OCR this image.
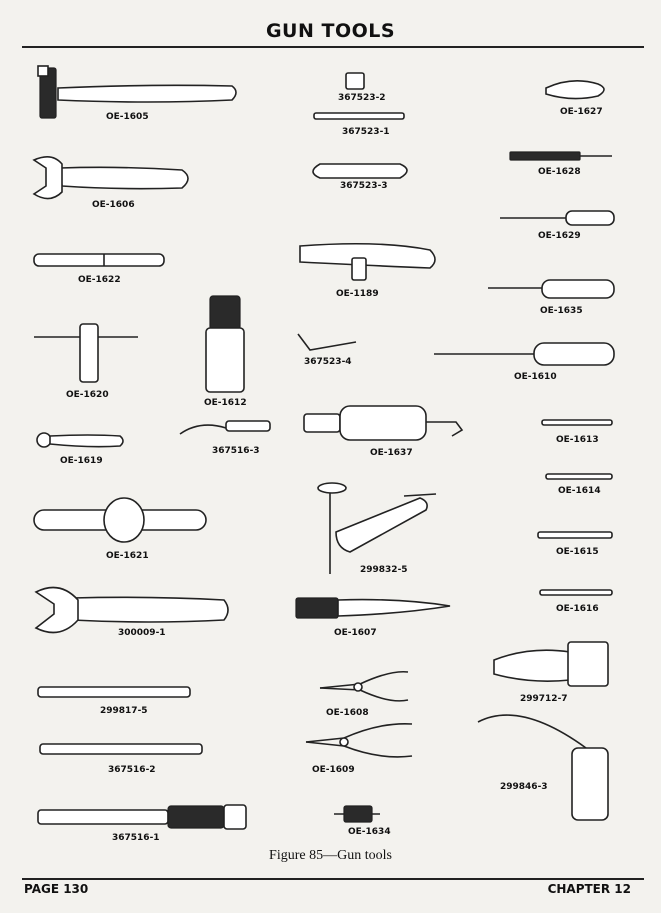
GUN TOOLS
OE-1605
OE-1606
OE-1622
OE-1620
OE-1612
OE-1619
367516-3
OE-1621
300009-1
299817-5
367516-2
367516-1
367523-2
367523-1
367523-3
OE-1189
367523-4
OE-1637
299832-5
OE-1607
OE-1608
OE-1609
OE-1634
OE-1627
OE-1628
OE-1629
OE-1635
OE-1610
OE-1613
OE-1614
OE-1615
OE-1616
299712-7
299846-3
Figure 85—Gun tools
PAGE 130	CHAPTER 12
